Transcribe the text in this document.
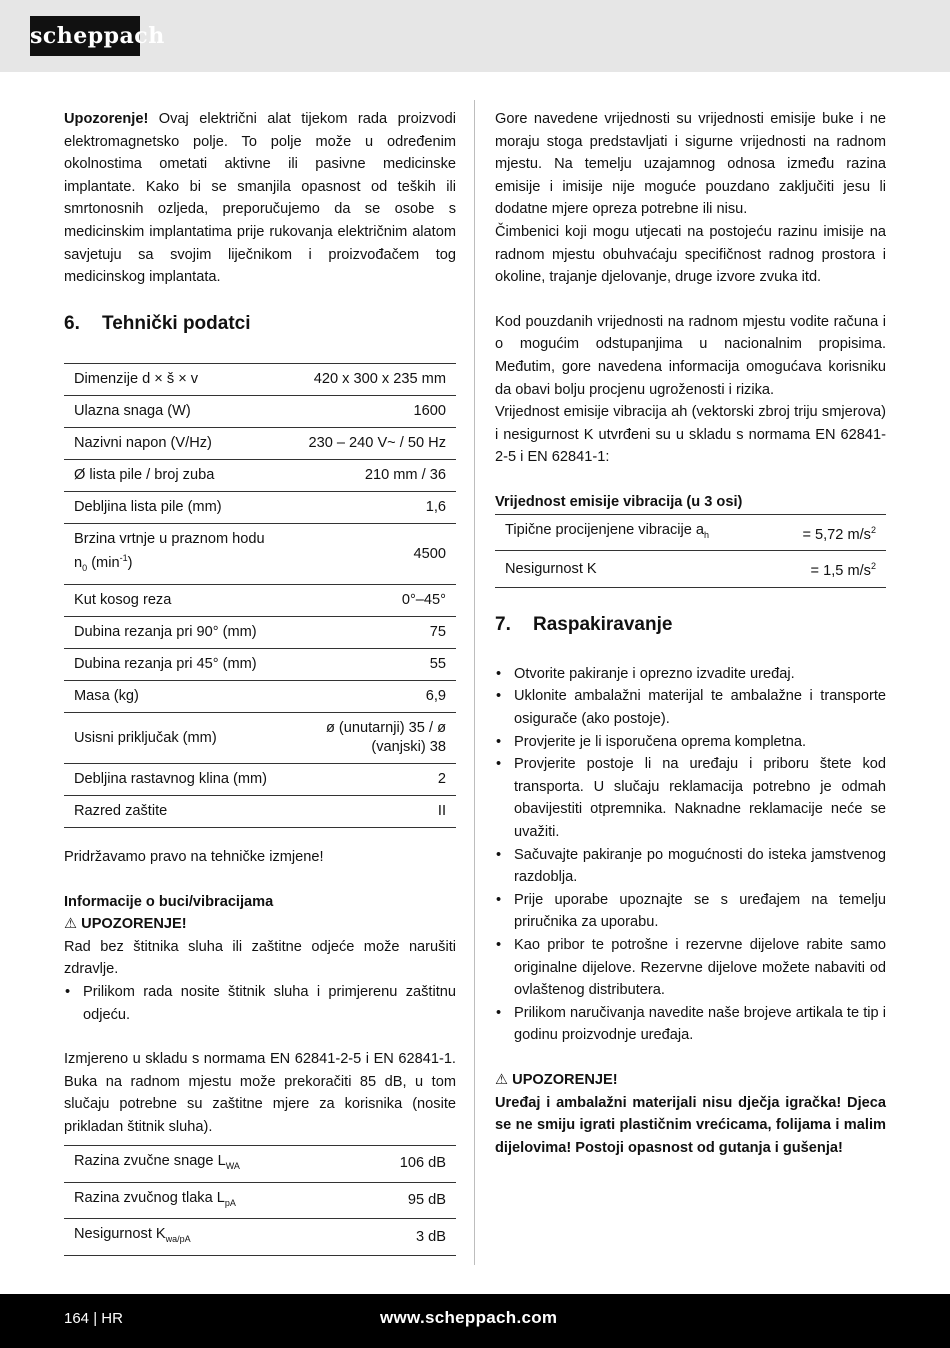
scheppach

Upozorenje! Ovaj električni alat tijekom rada proizvodi elektromagnetsko polje. To polje može u određenim okolnostima ometati aktivne ili pasivne medicinske implantate. Kako bi se smanjila opasnost od teških ili smrtonosnih ozljeda, preporučujemo da se osobe s medicinskim implantatima prije rukovanja električnim alatom savjetuju sa svojim liječnikom i proizvođačem tog medicinskog implantata.

6. Tehnički podatci
Dimenzije d × š × v	420 x 300 x 235 mm
Ulazna snaga (W)	1600
Nazivni napon (V/Hz)	230 – 240 V~ / 50 Hz
Ø lista pile / broj zuba	210 mm / 36
Debljina lista pile (mm)	1,6
Brzina vrtnje u praznom hodu $n_0$ $(\min^{-1})$	4500
Kut kosog reza	0°–45°
Dubina rezanja pri 90° (mm)	75
Dubina rezanja pri 45° (mm)	55
Masa (kg)	6,9
Usisni priključak (mm)	ø (unutarnji) 35 / ø (vanjski) 38
Debljina rastavnog klina (mm)	2
Razred zaštite	II

Pridržavamo pravo na tehničke izmjene!

Informacije o buci/vibracijama

⚠ UPOZORENJE!

Rad bez štitnika sluha ili zaštitne odjeće može narušiti zdravlje.

• Prilikom rada nosite štitnik sluha i primjerenu zaštitnu odjeću.

Izmjereno u skladu s normama EN 62841-2-5 i EN 62841-1. Buka na radnom mjestu može prekoračiti 85 dB, u tom slučaju potrebne su zaštitne mjere za korisnika (nosite prikladan štitnik sluha).

Razina zvučne snage $L_{WA}$	106 dB
Razina zvučnog tlaka $L_{pA}$	95 dB
Nesigurnost $K_{wa/pA}$	3 dB

Gore navedene vrijednosti su vrijednosti emisije buke i ne moraju stoga predstavljati i sigurne vrijednosti na radnom mjestu. Na temelju uzajamnog odnosa između razina emisije i imisije nije moguće pouzdano zaključiti jesu li dodatne mjere opreza potrebne ili nisu.

Čimbenici koji mogu utjecati na postojeću razinu imisije na radnom mjestu obuhvaćaju specifičnost radnog prostora i okoline, trajanje djelovanje, druge izvore zvuka itd.

Kod pouzdanih vrijednosti na radnom mjestu vodite računa i o mogućim odstupanjima u nacionalnim propisima. Međutim, gore navedena informacija omogućava korisniku da obavi bolju procjenu ugroženosti i rizika.

Vrijednost emisije vibracija ah (vektorski zbroj triju smjerova) i nesigurnost K utvrđeni su u skladu s normama EN 62841-2-5 i EN 62841-1:

Vrijednost emisije vibracija (u 3 osi)

Tipične procijenjene vibracije $a_h$	= 5,72 $m/s^2$
Nesigurnost K	= 1,5 $m/s^2$
7. Raspakiravanje
• Otvorite pakiranje i oprezno izvadite uređaj.
• Uklonite ambalažni materijal te ambalažne i transporte osigurače (ako postoje).
• Provjerite je li isporučena oprema kompletna.
• Provjerite postoje li na uređaju i priboru štete kod transporta. U slučaju reklamacija potrebno je odmah obavijestiti otpremnika. Naknadne reklamacije neće se uvažiti.
• Sačuvajte pakiranje po mogućnosti do isteka jamstvenog razdoblja.
• Prije uporabe upoznajte se s uređajem na temelju priručnika za uporabu.
• Kao pribor te potrošne i rezervne dijelove rabite samo originalne dijelove. Rezervne dijelove možete nabaviti od ovlaštenog distributera.
• Prilikom naručivanja navedite naše brojeve artikala te tip i godinu proizvodnje uređaja.

⚠ UPOZORENJE!

Uređaj i ambalažni materijali nisu dječja igračka! Djeca se ne smiju igrati plastičnim vrećicama, folijama i malim dijelovima! Postoji opasnost od gutanja i gušenja!

164 | HR	www.scheppach.com
